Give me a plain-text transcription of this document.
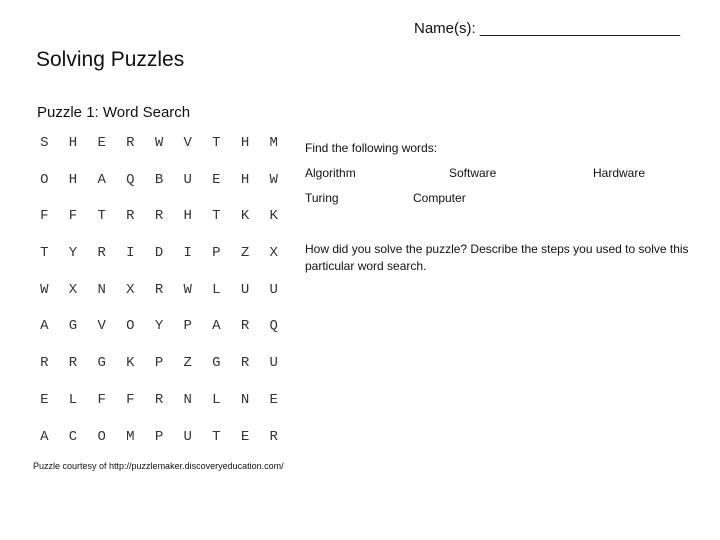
Name(s): ________________________
Solving Puzzles
Puzzle 1: Word Search
S	H	E	R	W	V	T	H	M
O	H	A	Q	B	U	E	H	W
F	F	T	R	R	H	T	K	K
T	Y	R	I	D	I	P	Z	X
W	X	N	X	R	W	L	U	U
A	G	V	O	Y	P	A	R	Q
R	R	G	K	P	Z	G	R	U
E	L	F	F	R	N	L	N	E
A	C	O	M	P	U	T	E	R
Puzzle courtesy of http://puzzlemaker.discoveryeducation.com/
Find the following words:
Algorithm	Software	Hardware
Turing	Computer
How did you solve the puzzle? Describe the steps you used to solve this particular word search.
